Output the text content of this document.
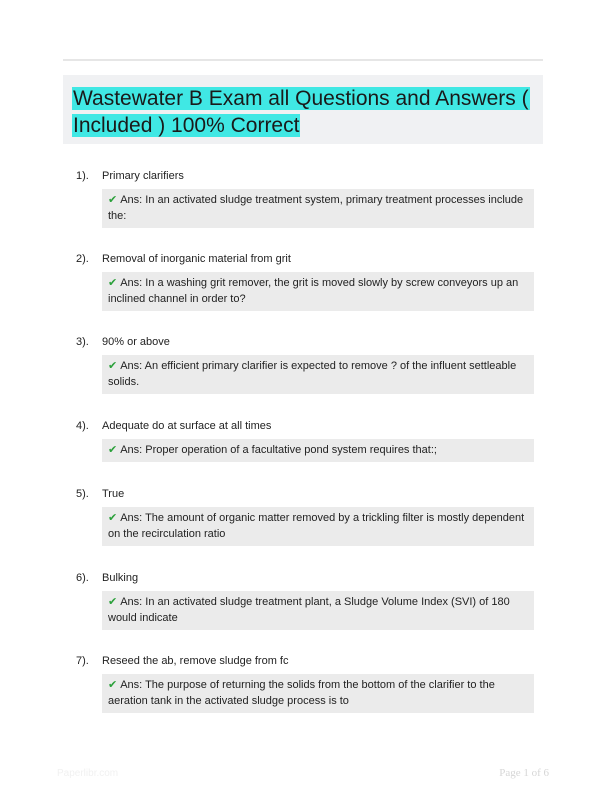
Wastewater B Exam all Questions and Answers ( Included ) 100% Correct
1). Primary clarifiers
✔ Ans: In an activated sludge treatment system, primary treatment processes include the:
2). Removal of inorganic material from grit
✔ Ans: In a washing grit remover, the grit is moved slowly by screw conveyors up an inclined channel in order to?
3). 90% or above
✔ Ans: An efficient primary clarifier is expected to remove ? of the influent settleable solids.
4). Adequate do at surface at all times
✔ Ans: Proper operation of a facultative pond system requires that:;
5). True
✔ Ans: The amount of organic matter removed by a trickling filter is mostly dependent on the recirculation ratio
6). Bulking
✔ Ans: In an activated sludge treatment plant, a Sludge Volume Index (SVI) of 180 would indicate
7). Reseed the ab, remove sludge from fc
✔ Ans: The purpose of returning the solids from the bottom of the clarifier to the aeration tank in the activated sludge process is to
Paperlibr.com	Page 1 of 6
